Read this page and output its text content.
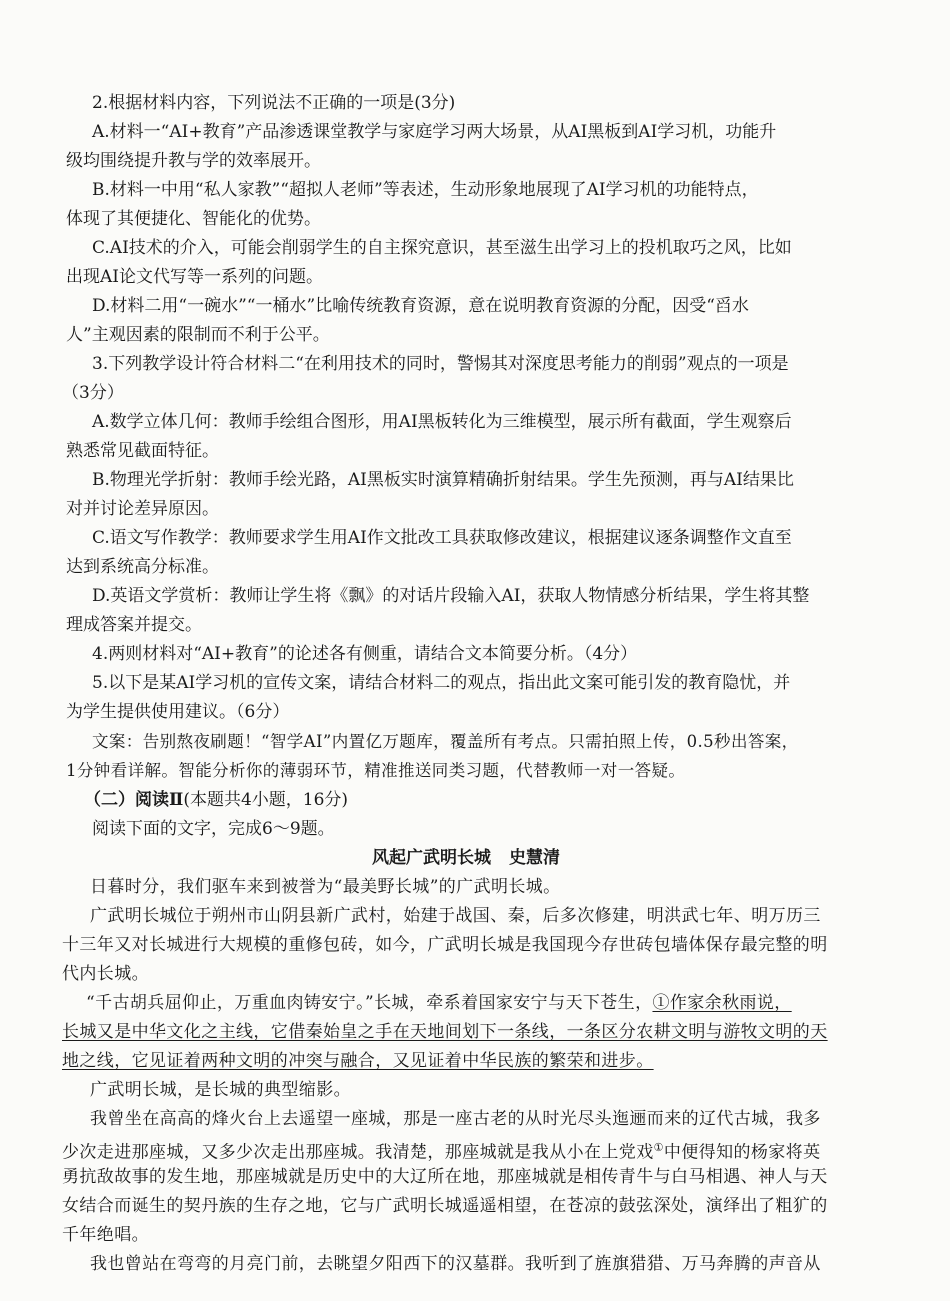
2.根据材料内容，下列说法不正确的一项是(3分)
A.材料一“AI+教育”产品渗透课堂教学与家庭学习两大场景，从AI黑板到AI学习机，功能升
级均围绕提升教与学的效率展开。
B.材料一中用“私人家教”“超拟人老师”等表述，生动形象地展现了AI学习机的功能特点，
体现了其便捷化、智能化的优势。
C.AI技术的介入，可能会削弱学生的自主探究意识，甚至滋生出学习上的投机取巧之风，比如
出现AI论文代写等一系列的问题。
D.材料二用“一碗水”“一桶水”比喻传统教育资源，意在说明教育资源的分配，因受“舀水
人”主观因素的限制而不利于公平。
3.下列教学设计符合材料二“在利用技术的同时，警惕其对深度思考能力的削弱”观点的一项是
（3分）
A.数学立体几何：教师手绘组合图形，用AI黑板转化为三维模型，展示所有截面，学生观察后
熟悉常见截面特征。
B.物理光学折射：教师手绘光路，AI黑板实时演算精确折射结果。学生先预测，再与AI结果比
对并讨论差异原因。
C.语文写作教学：教师要求学生用AI作文批改工具获取修改建议，根据建议逐条调整作文直至
达到系统高分标准。
D.英语文学赏析：教师让学生将《飘》的对话片段输入AI，获取人物情感分析结果，学生将其整
理成答案并提交。
4.两则材料对“AI+教育”的论述各有侧重，请结合文本简要分析。（4分）
5.以下是某AI学习机的宣传文案，请结合材料二的观点，指出此文案可能引发的教育隐忧，并
为学生提供使用建议。（6分）
文案：告别熬夜刷题！“智学AI”内置亿万题库，覆盖所有考点。只需拍照上传，0.5秒出答案，
1分钟看详解。智能分析你的薄弱环节，精准推送同类习题，代替教师一对一答疑。
（二）阅读Ⅱ(本题共4小题，16分)
阅读下面的文字，完成6～9题。
风起广武明长城 史慧清
日暮时分，我们驱车来到被誉为“最美野长城”的广武明长城。
广武明长城位于朔州市山阴县新广武村，始建于战国、秦，后多次修建，明洪武七年、明万历三
十三年又对长城进行大规模的重修包砖，如今，广武明长城是我国现今存世砖包墙体保存最完整的明
代内长城。
“千古胡兵屈仰止，万重血肉铸安宁。”长城，牵系着国家安宁与天下苍生，①作家余秋雨说，
长城又是中华文化之主线，它借秦始皇之手在天地间划下一条线，一条区分农耕文明与游牧文明的天
地之线，它见证着两种文明的冲突与融合，又见证着中华民族的繁荣和进步。
广武明长城，是长城的典型缩影。
我曾坐在高高的烽火台上去遥望一座城，那是一座古老的从时光尽头迤逦而来的辽代古城，我多
少次走进那座城，又多少次走出那座城。我清楚，那座城就是我从小在上党戏①中便得知的杨家将英
勇抗敌故事的发生地，那座城就是历史中的大辽所在地，那座城就是相传青牛与白马相遇、神人与天
女结合而诞生的契丹族的生存之地，它与广武明长城遥遥相望，在苍凉的鼓弦深处，演绎出了粗犷的
千年绝唱。
我也曾站在弯弯的月亮门前，去眺望夕阳西下的汉墓群。我听到了旌旗猎猎、万马奔腾的声音从
